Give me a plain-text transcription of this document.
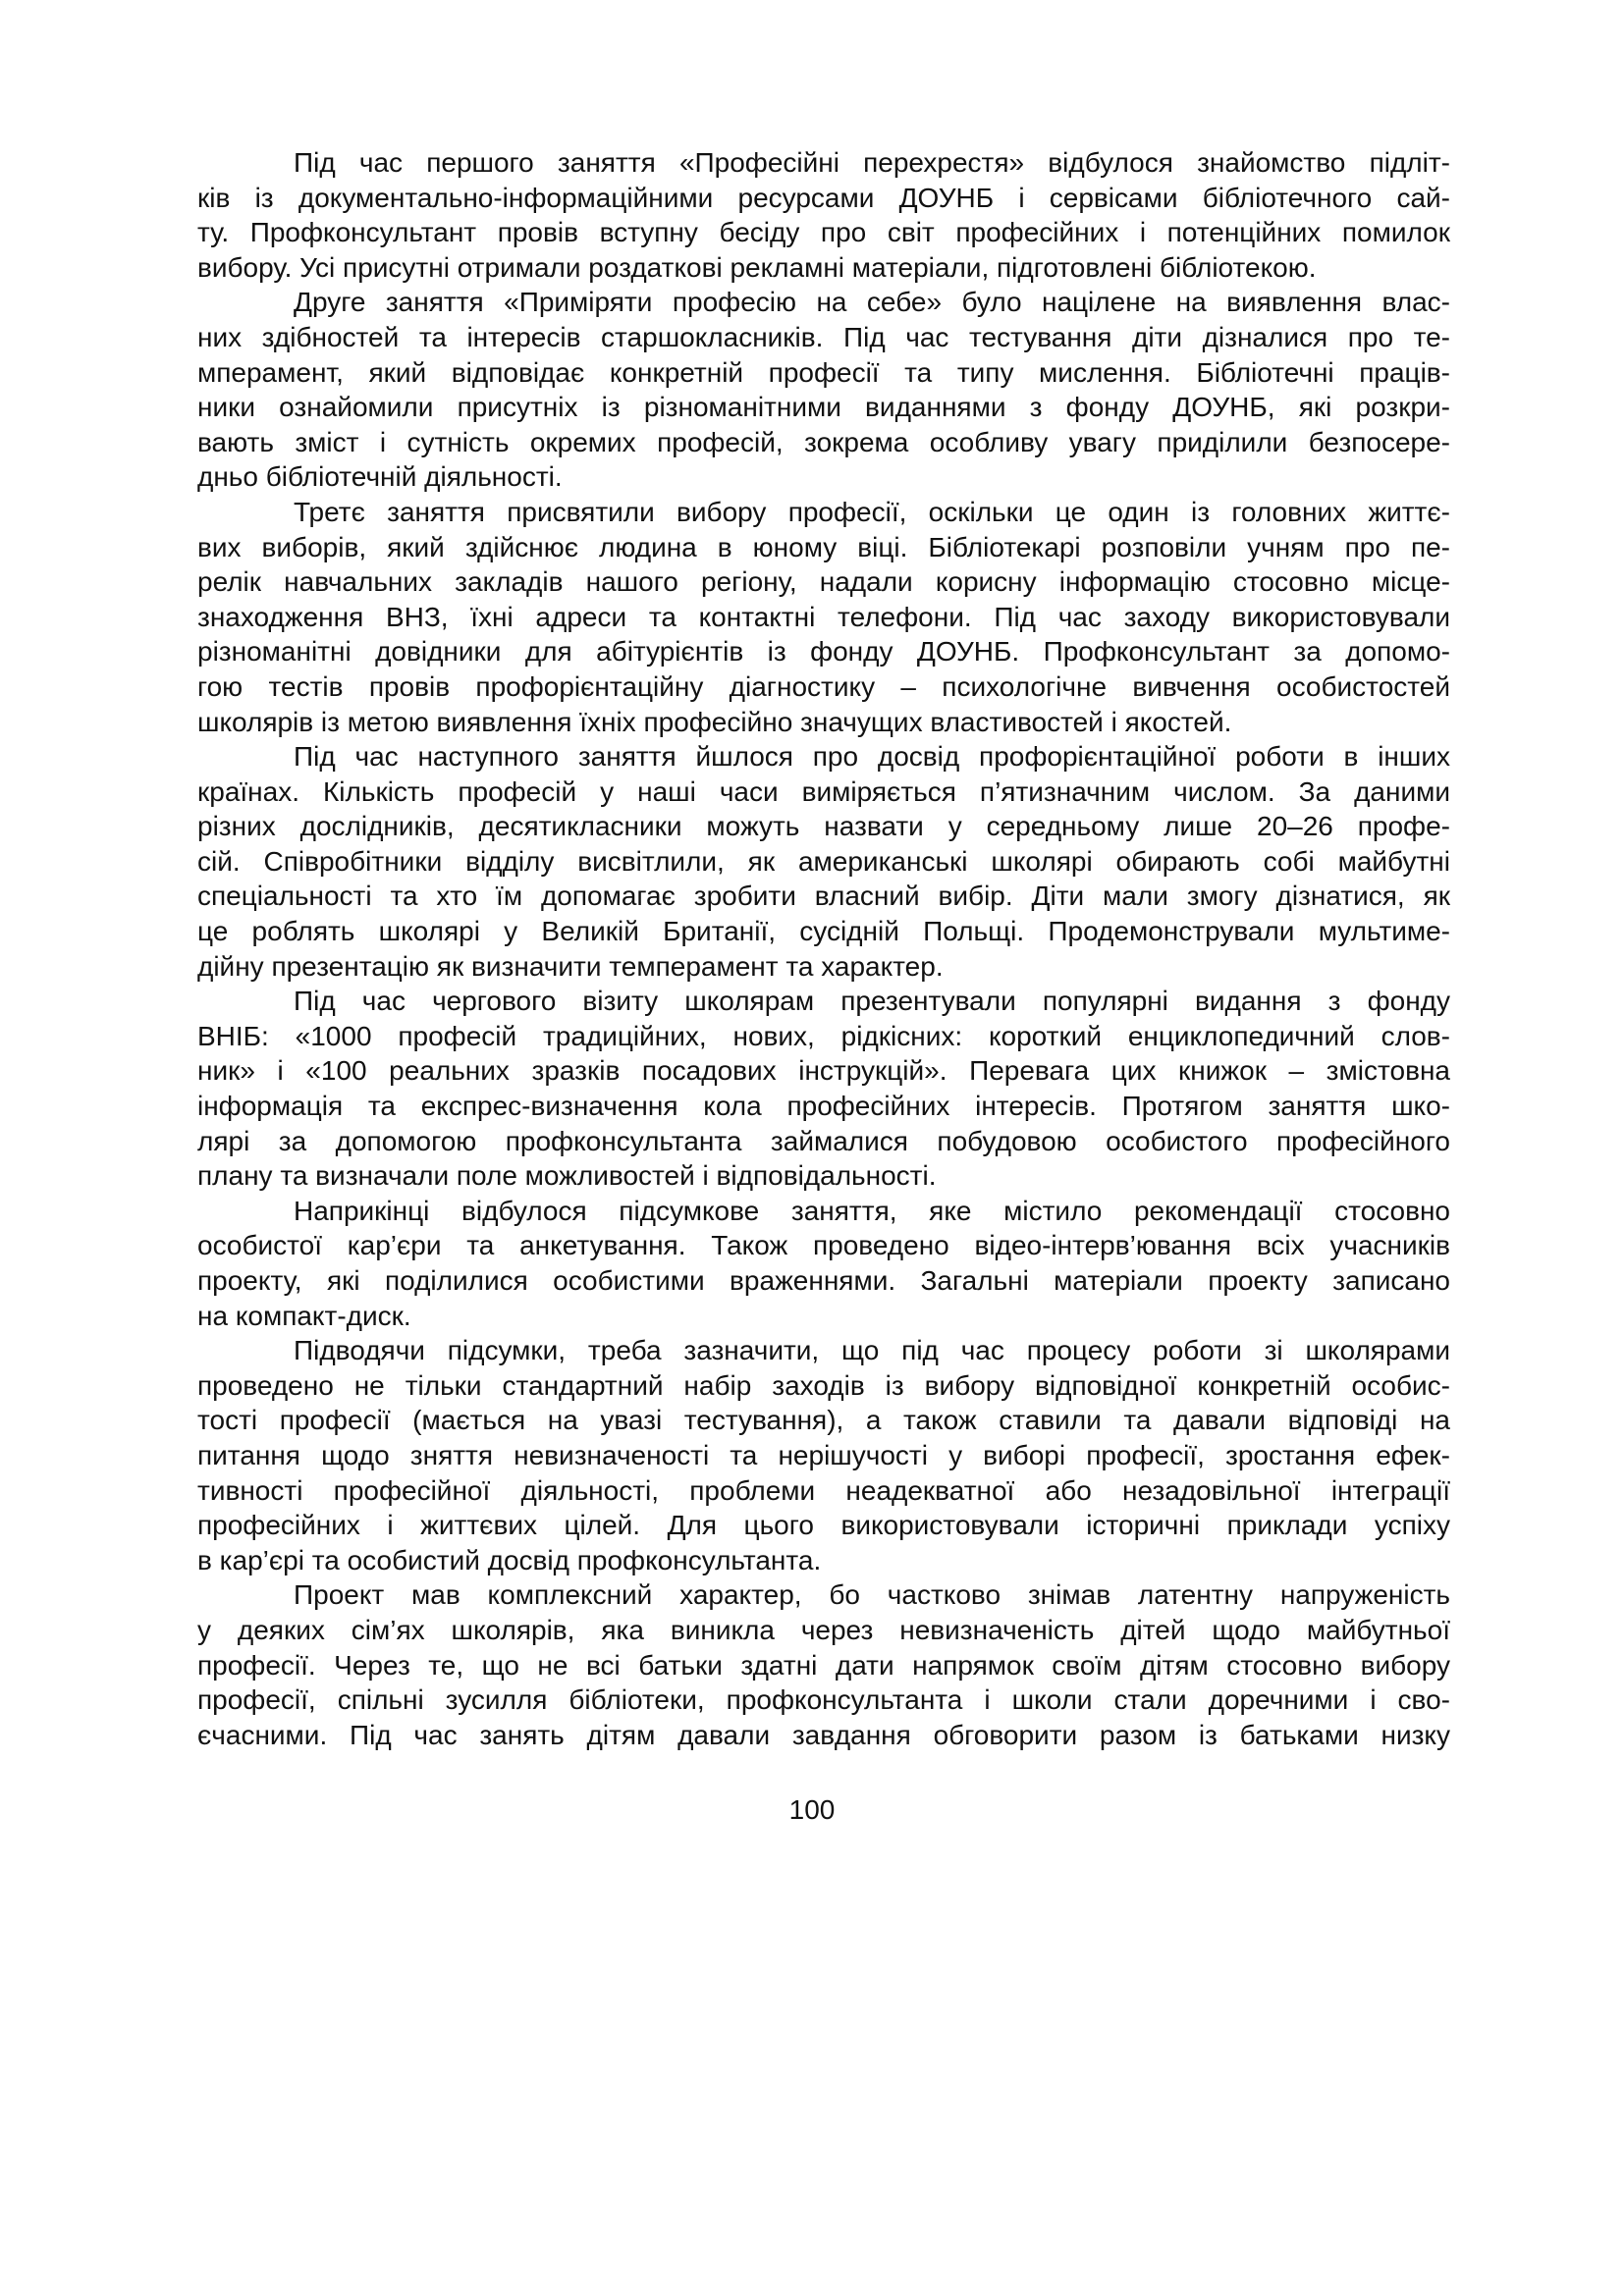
Під час першого заняття «Професійні перехрестя» відбулося знайомство підліт-
ків із документально-інформаційними ресурсами ДОУНБ і сервісами бібліотечного сай-
ту. Профконсультант провів вступну бесіду про світ професійних і потенційних помилок
вибору. Усі присутні отримали роздаткові рекламні матеріали, підготовлені бібліотекою.
Друге заняття «Приміряти професію на себе» було націлене на виявлення влас-
них здібностей та інтересів старшокласників. Під час тестування діти дізналися про те-
мперамент, який відповідає конкретній професії та типу мислення. Бібліотечні праців-
ники ознайомили присутніх із різноманітними виданнями з фонду ДОУНБ, які розкри-
вають зміст і сутність окремих професій, зокрема особливу увагу приділили безпосере-
дньо бібліотечній діяльності.
Третє заняття присвятили вибору професії, оскільки це один із головних життє-
вих виборів, який здійснює людина в юному віці. Бібліотекарі розповіли учням про пе-
релік навчальних закладів нашого регіону, надали корисну інформацію стосовно місце-
знаходження ВНЗ, їхні адреси та контактні телефони. Під час заходу використовували
різноманітні довідники для абітурієнтів із фонду ДОУНБ. Профконсультант за допомо-
гою тестів провів профорієнтаційну діагностику – психологічне вивчення особистостей
школярів із метою виявлення їхніх професійно значущих властивостей і якостей.
Під час наступного заняття йшлося про досвід профорієнтаційної роботи в інших
країнах. Кількість професій у наші часи виміряється п’ятизначним числом. За даними
різних дослідників, десятикласники можуть назвати у середньому лише 20–26 профе-
сій. Співробітники відділу висвітлили, як американські школярі обирають собі майбутні
спеціальності та хто їм допомагає зробити власний вибір. Діти мали змогу дізнатися, як
це роблять школярі у Великій Британії, сусідній Польщі. Продемонстрували мультиме-
дійну презентацію як визначити темперамент та характер.
Під час чергового візиту школярам презентували популярні видання з фонду
ВНІБ: «1000 професій традиційних, нових, рідкісних: короткий енциклопедичний слов-
ник» і «100 реальних зразків посадових інструкцій». Перевага цих книжок – змістовна
інформація та експрес-визначення кола професійних інтересів. Протягом заняття шко-
лярі за допомогою профконсультанта займалися побудовою особистого професійного
плану та визначали поле можливостей і відповідальності.
Наприкінці відбулося підсумкове заняття, яке містило рекомендації стосовно
особистої кар’єри та анкетування. Також проведено відео-інтерв’ювання всіх учасників
проекту, які поділилися особистими враженнями. Загальні матеріали проекту записано
на компакт-диск.
Підводячи підсумки, треба зазначити, що під час процесу роботи зі школярами
проведено не тільки стандартний набір заходів із вибору відповідної конкретній особис-
тості професії (мається на увазі тестування), а також ставили та давали відповіді на
питання щодо зняття невизначеності та нерішучості у виборі професії, зростання ефек-
тивності професійної діяльності, проблеми неадекватної або незадовільної інтеграції
професійних і життєвих цілей. Для цього використовували історичні приклади успіху
в кар’єрі та особистий досвід профконсультанта.
Проект мав комплексний характер, бо частково знімав латентну напруженість
у деяких сім’ях школярів, яка виникла через невизначеність дітей щодо майбутньої
професії. Через те, що не всі батьки здатні дати напрямок своїм дітям стосовно вибору
професії, спільні зусилля бібліотеки, профконсультанта і школи стали доречними і сво-
єчасними. Під час занять дітям давали завдання обговорити разом із батьками низку
100
